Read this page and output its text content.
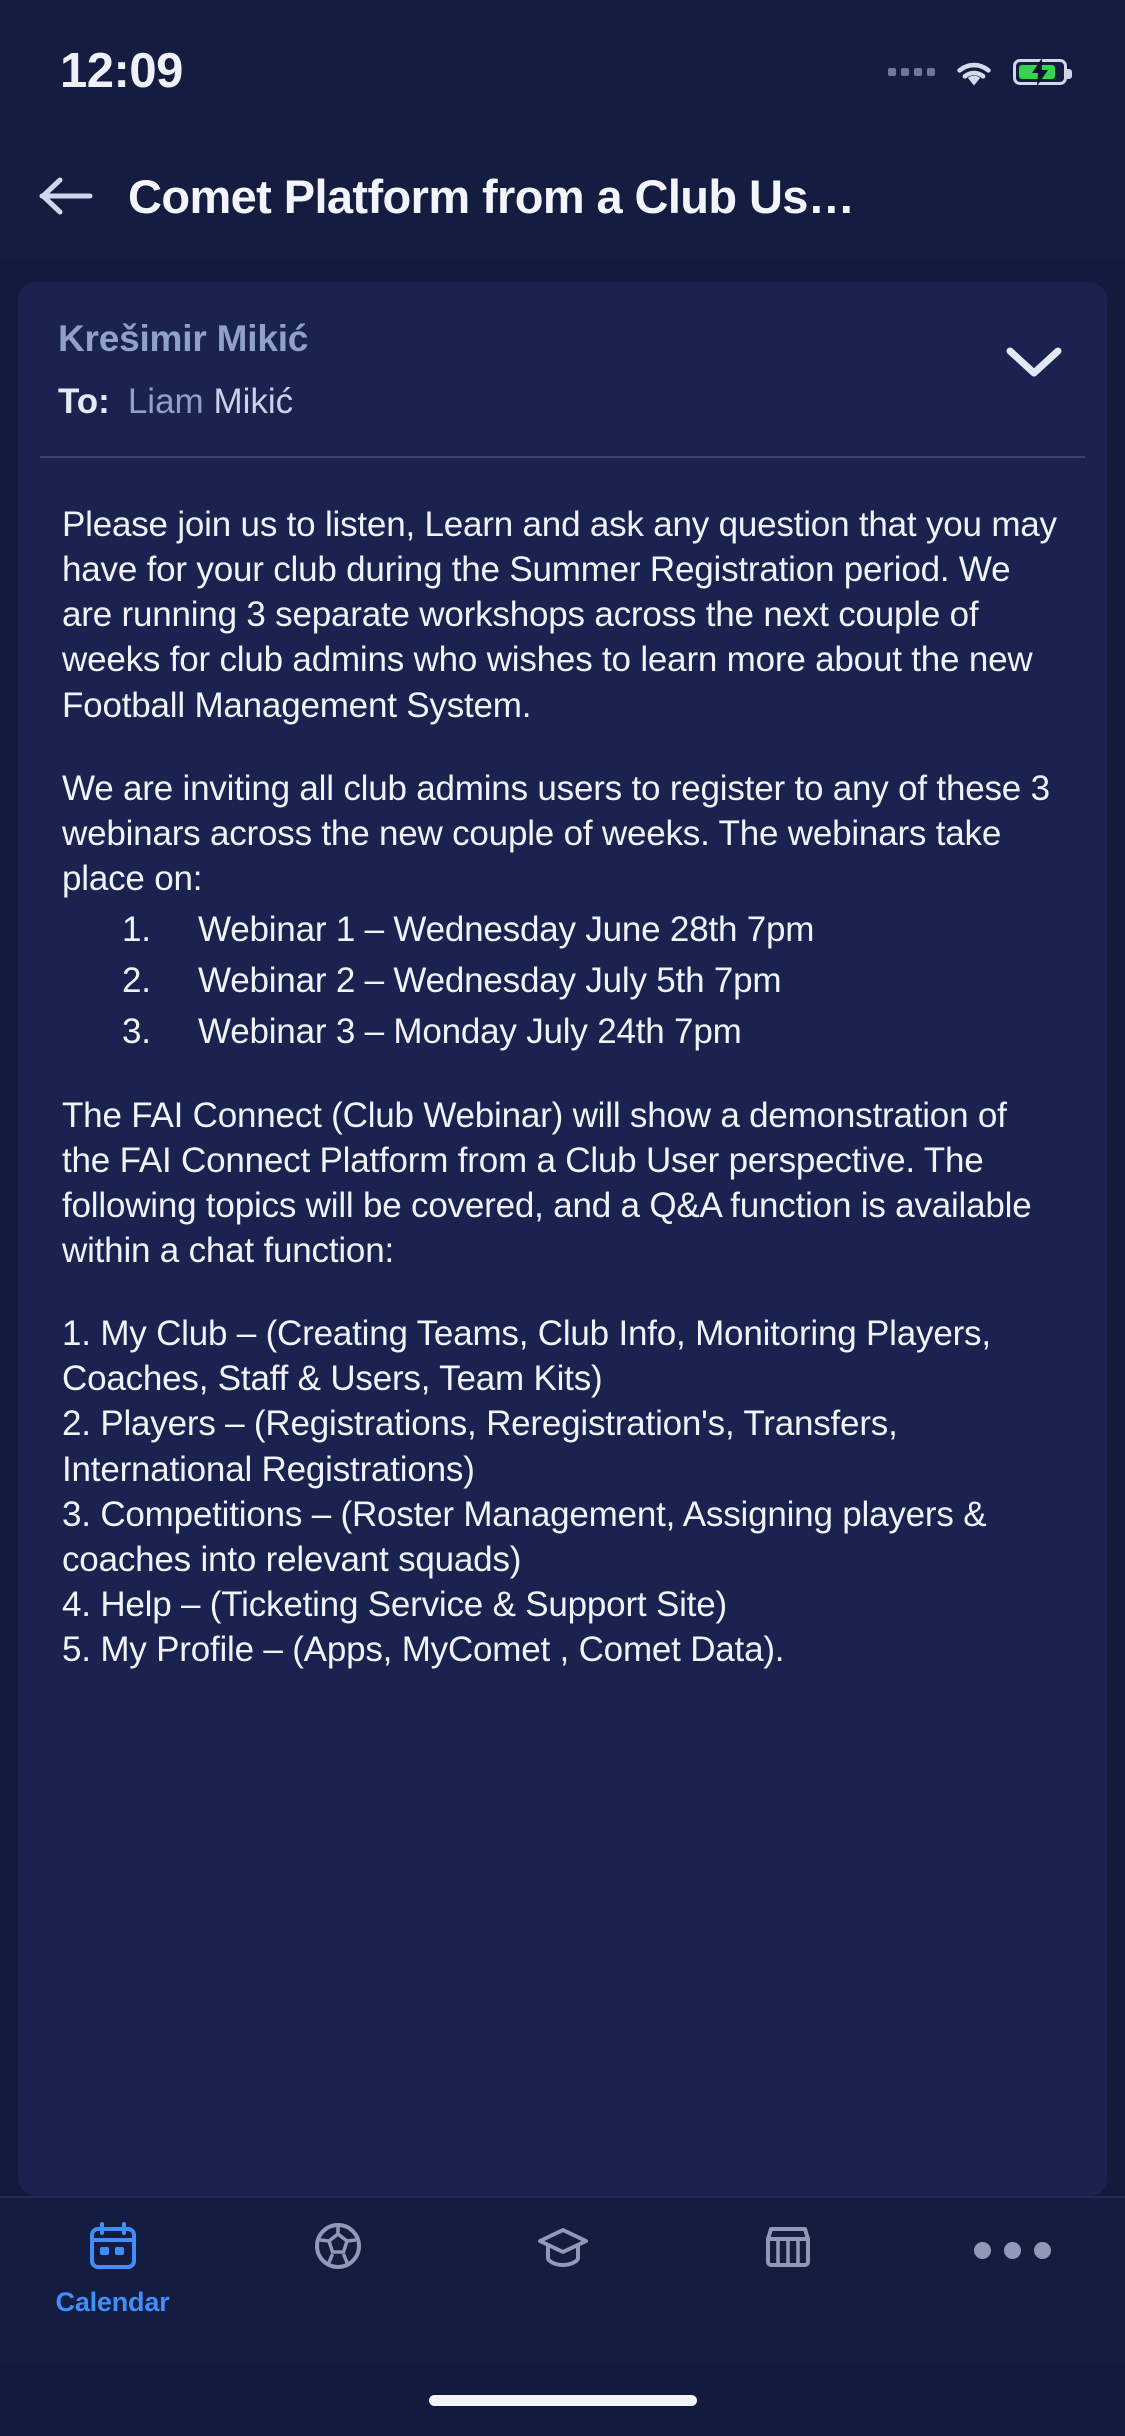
12:09
Comet Platform from a Club Us…
Krešimir Mikić
To: Liam Mikić

Please join us to listen, Learn and ask any question that you may have for your club during the Summer Registration period. We are running 3 separate workshops across the next couple of weeks for club admins who wishes to learn more about the new Football Management System.

We are inviting all club admins users to register to any of these 3 webinars across the new couple of weeks. The webinars take place on:

Webinar 1 – Wednesday June 28th 7pm
Webinar 2 – Wednesday July 5th 7pm
Webinar 3 – Monday July 24th 7pm

The FAI Connect (Club Webinar) will show a demonstration of the FAI Connect Platform from a Club User perspective. The following topics will be covered, and a Q&A function is available within a chat function:

1. My Club – (Creating Teams, Club Info, Monitoring Players, Coaches, Staff & Users, Team Kits)
2. Players – (Registrations, Reregistration's, Transfers, International Registrations)
3. Competitions – (Roster Management, Assigning players & coaches into relevant squads)
4. Help – (Ticketing Service & Support Site)
5. My Profile – (Apps, MyComet , Comet Data).
Calendar
